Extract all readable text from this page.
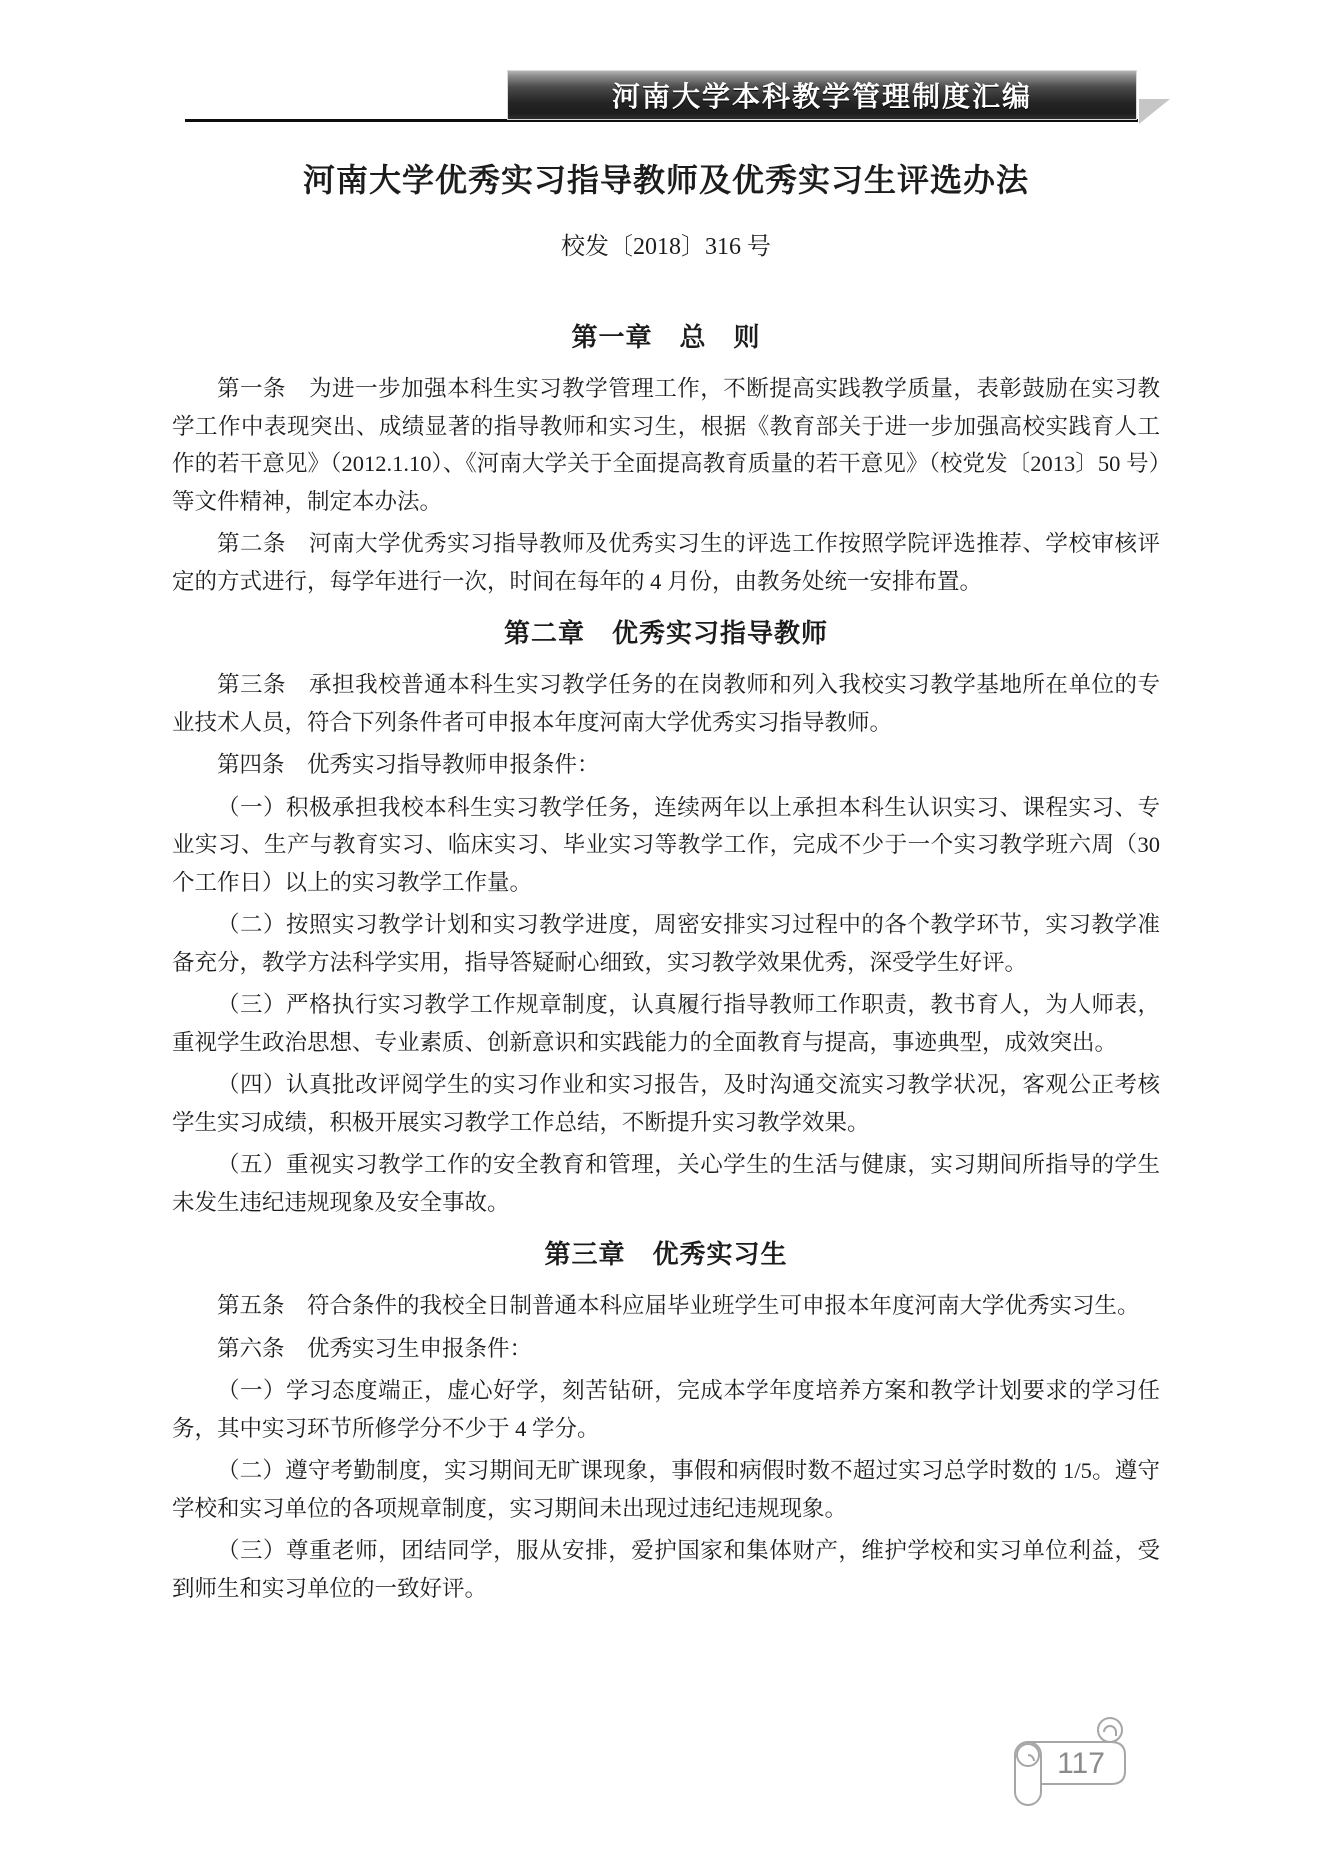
河南大学本科教学管理制度汇编
河南大学优秀实习指导教师及优秀实习生评选办法
校发〔2018〕316 号
第一章　总　则

第一条　为进一步加强本科生实习教学管理工作，不断提高实践教学质量，表彰鼓励在实习教学工作中表现突出、成绩显著的指导教师和实习生，根据《教育部关于进一步加强高校实践育人工作的若干意见》（2012.1.10）、《河南大学关于全面提高教育质量的若干意见》（校党发〔2013〕50 号）等文件精神，制定本办法。

第二条　河南大学优秀实习指导教师及优秀实习生的评选工作按照学院评选推荐、学校审核评定的方式进行，每学年进行一次，时间在每年的 4 月份，由教务处统一安排布置。

第二章　优秀实习指导教师

第三条　承担我校普通本科生实习教学任务的在岗教师和列入我校实习教学基地所在单位的专业技术人员，符合下列条件者可申报本年度河南大学优秀实习指导教师。

第四条　优秀实习指导教师申报条件：

（一）积极承担我校本科生实习教学任务，连续两年以上承担本科生认识实习、课程实习、专业实习、生产与教育实习、临床实习、毕业实习等教学工作，完成不少于一个实习教学班六周（30 个工作日）以上的实习教学工作量。

（二）按照实习教学计划和实习教学进度，周密安排实习过程中的各个教学环节，实习教学准备充分，教学方法科学实用，指导答疑耐心细致，实习教学效果优秀，深受学生好评。

（三）严格执行实习教学工作规章制度，认真履行指导教师工作职责，教书育人，为人师表，重视学生政治思想、专业素质、创新意识和实践能力的全面教育与提高，事迹典型，成效突出。

（四）认真批改评阅学生的实习作业和实习报告，及时沟通交流实习教学状况，客观公正考核学生实习成绩，积极开展实习教学工作总结，不断提升实习教学效果。

（五）重视实习教学工作的安全教育和管理，关心学生的生活与健康，实习期间所指导的学生未发生违纪违规现象及安全事故。

第三章　优秀实习生

第五条　符合条件的我校全日制普通本科应届毕业班学生可申报本年度河南大学优秀实习生。

第六条　优秀实习生申报条件：

（一）学习态度端正，虚心好学，刻苦钻研，完成本学年度培养方案和教学计划要求的学习任务，其中实习环节所修学分不少于 4 学分。

（二）遵守考勤制度，实习期间无旷课现象，事假和病假时数不超过实习总学时数的 1/5。遵守学校和实习单位的各项规章制度，实习期间未出现过违纪违规现象。

（三）尊重老师，团结同学，服从安排，爱护国家和集体财产，维护学校和实习单位利益，受到师生和实习单位的一致好评。

117
